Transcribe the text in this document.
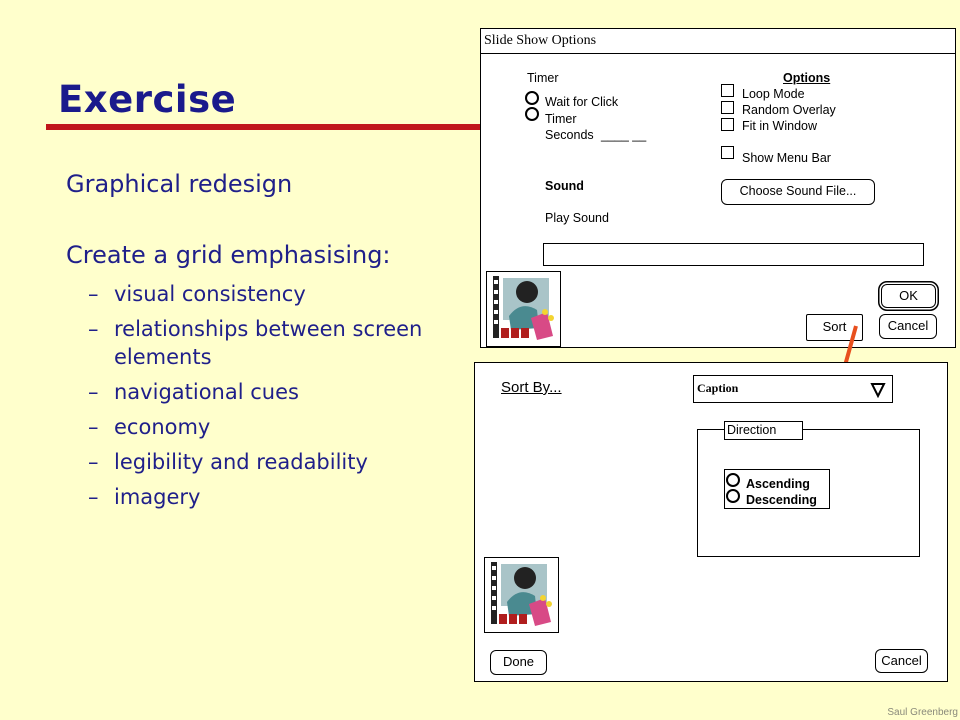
Exercise
Graphical redesign
Create a grid emphasising:
– visual consistency
– relationships between screen elements
– navigational cues
– economy
– legibility and readability
– imagery
Slide Show Options
Timer
Wait for Click
Timer
Seconds ____ __
Options
Loop Mode
Random Overlay
Fit in Window
Show Menu Bar
Sound	Choose Sound File...
Play Sound
OK
Sort	Cancel
Sort By...	Caption
Direction
Ascending
Descending
Done	Cancel
Saul Greenberg
